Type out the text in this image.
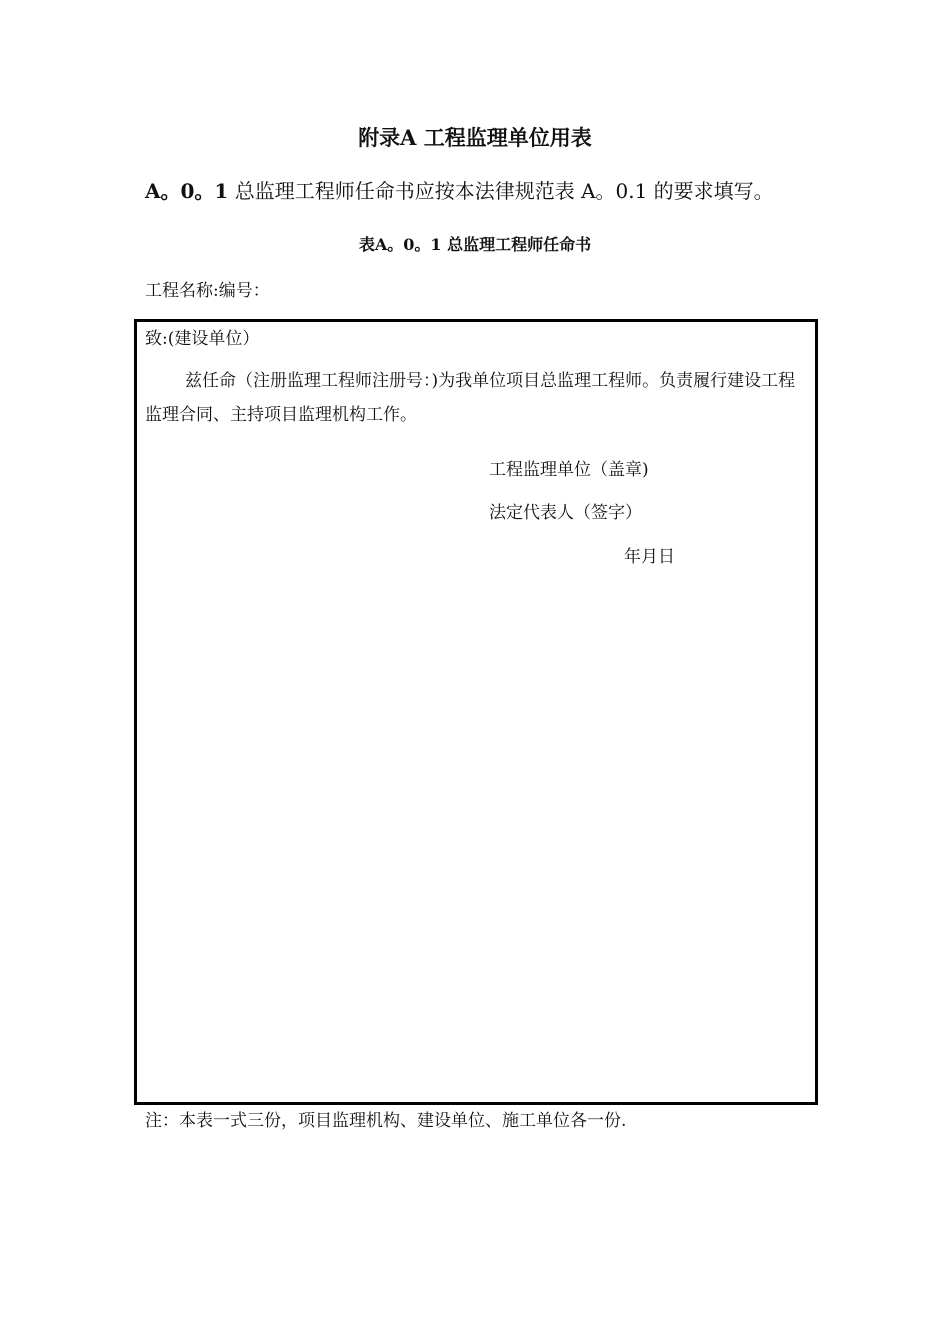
附录A 工程监理单位用表
A。0。1 总监理工程师任命书应按本法律规范表 A。0.1 的要求填写。
表A。0。1 总监理工程师任命书
工程名称:编号：
致:(建设单位）
兹任命（注册监理工程师注册号：)为我单位项目总监理工程师。负责履行建设工程监理合同、主持项目监理机构工作。
工程监理单位（盖章)
法定代表人（签字）
年月日
注：本表一式三份，项目监理机构、建设单位、施工单位各一份.
